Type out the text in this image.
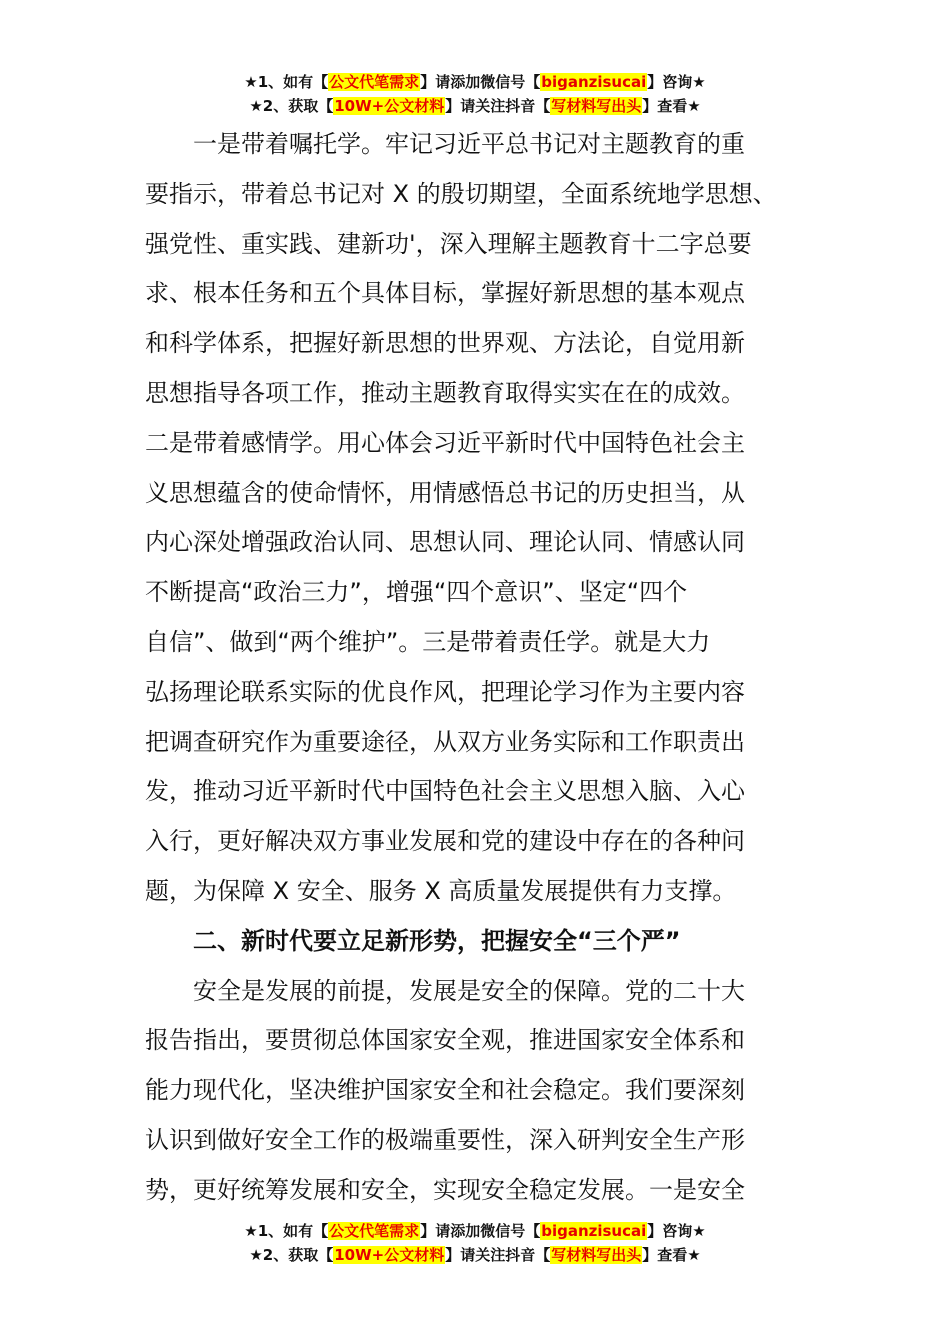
★1、如有【公文代笔需求】请添加微信号【biganzisucai】咨询★
★2、获取【10W+公文材料】请关注抖音【写材料写出头】查看★
一是带着嘱托学。牢记习近平总书记对主题教育的重
要指示，带着总书记对 X 的殷切期望，全面系统地学思想、
强党性、重实践、建新功'，深入理解主题教育十二字总要
求、根本任务和五个具体目标，掌握好新思想的基本观点
和科学体系，把握好新思想的世界观、方法论，自觉用新
思想指导各项工作，推动主题教育取得实实在在的成效。
二是带着感情学。用心体会习近平新时代中国特色社会主
义思想蕴含的使命情怀，用情感悟总书记的历史担当，从
内心深处增强政治认同、思想认同、理论认同、情感认同
不断提高“政治三力”，增强“四个意识”、坚定“四个
自信”、做到“两个维护”。三是带着责任学。就是大力
弘扬理论联系实际的优良作风，把理论学习作为主要内容
把调查研究作为重要途径，从双方业务实际和工作职责出
发，推动习近平新时代中国特色社会主义思想入脑、入心
入行，更好解决双方事业发展和党的建设中存在的各种问
题，为保障 X 安全、服务 X 高质量发展提供有力支撑。
二、新时代要立足新形势，把握安全“三个严”
安全是发展的前提，发展是安全的保障。党的二十大
报告指出，要贯彻总体国家安全观，推进国家安全体系和
能力现代化，坚决维护国家安全和社会稳定。我们要深刻
认识到做好安全工作的极端重要性，深入研判安全生产形
势，更好统筹发展和安全，实现安全稳定发展。一是安全
★1、如有【公文代笔需求】请添加微信号【biganzisucai】咨询★
★2、获取【10W+公文材料】请关注抖音【写材料写出头】查看★
